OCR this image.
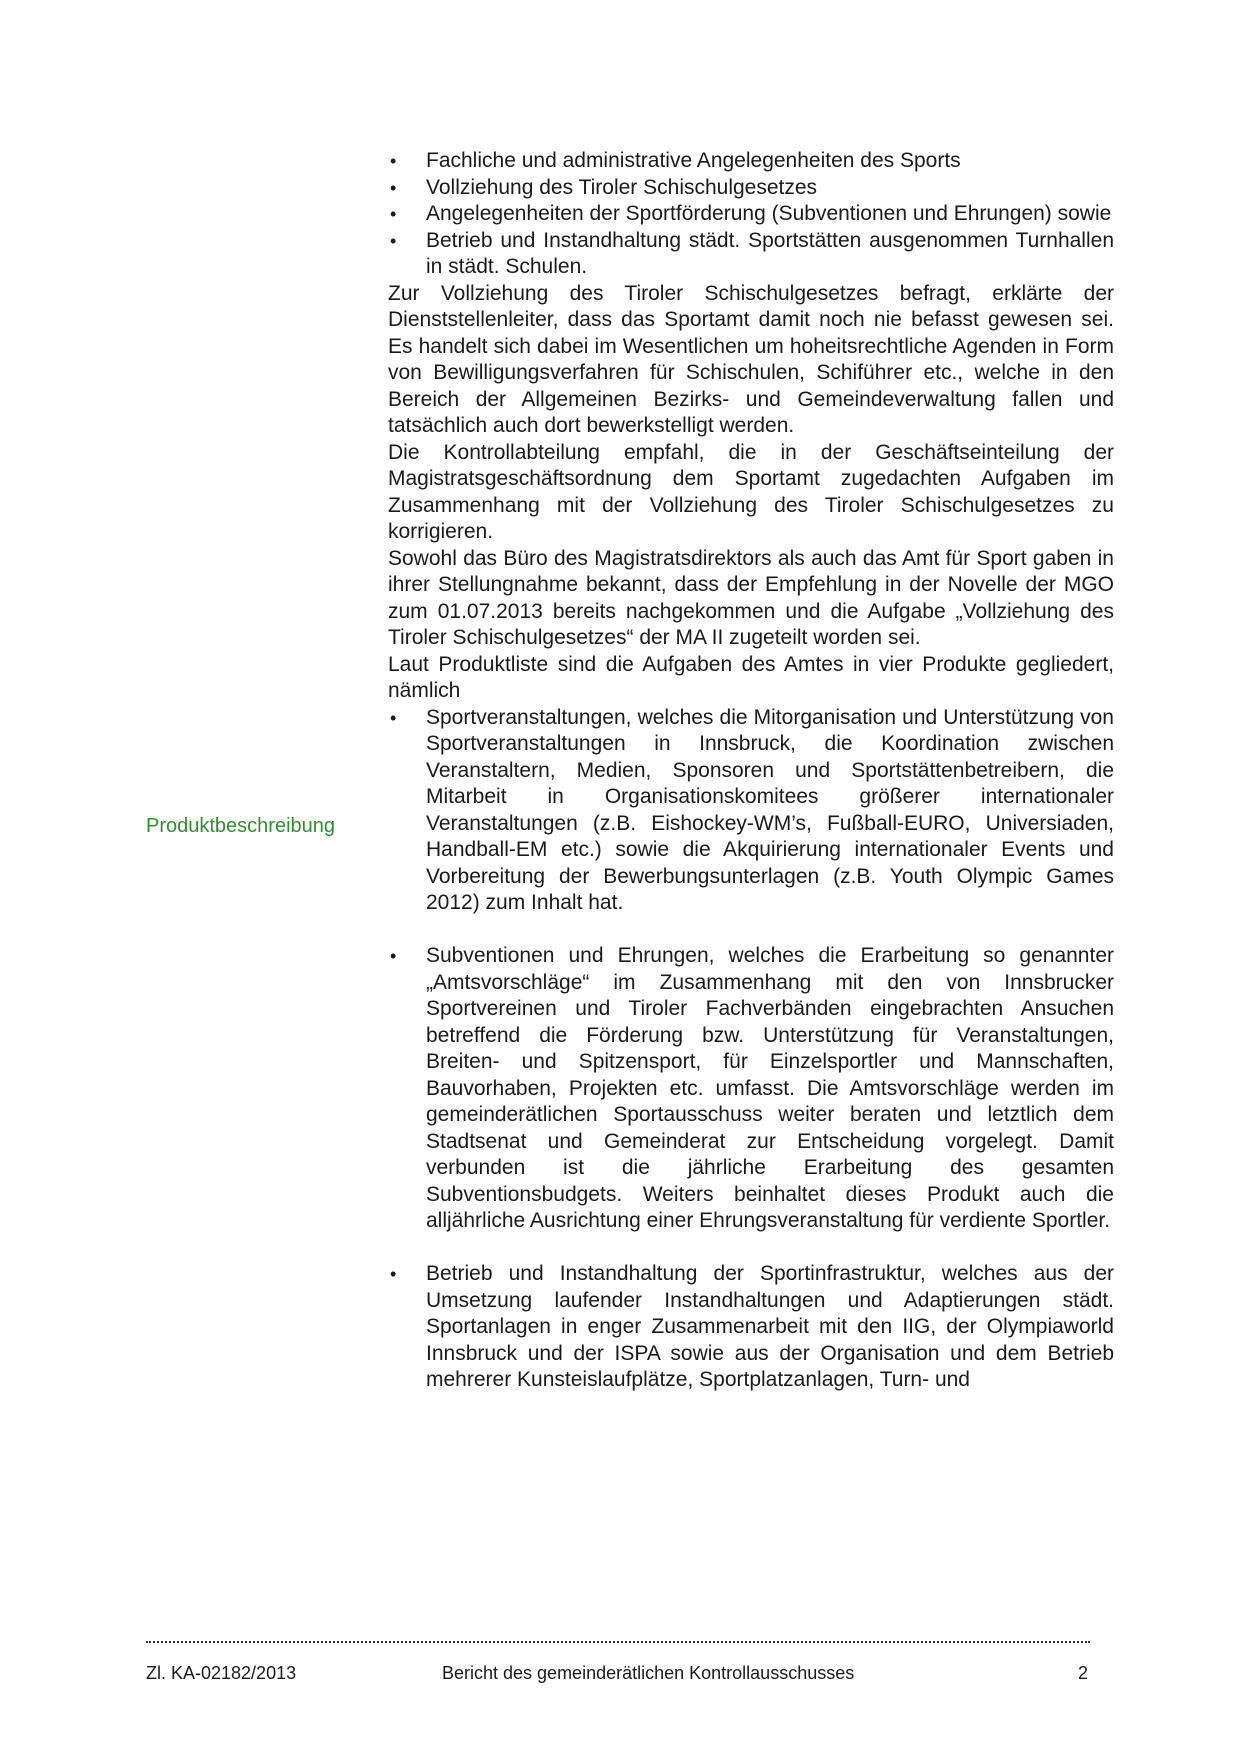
• Fachliche und administrative Angelegenheiten des Sports
• Vollziehung des Tiroler Schischulgesetzes
• Angelegenheiten der Sportförderung (Subventionen und Ehrungen) sowie
• Betrieb und Instandhaltung städt. Sportstätten ausgenommen Turnhallen in städt. Schulen.

Zur Vollziehung des Tiroler Schischulgesetzes befragt, erklärte der Dienststellenleiter, dass das Sportamt damit noch nie befasst gewesen sei. Es handelt sich dabei im Wesentlichen um hoheitsrechtliche Agenden in Form von Bewilligungsverfahren für Schischulen, Schiführer etc., welche in den Bereich der Allgemeinen Bezirks- und Gemeindeverwaltung fallen und tatsächlich auch dort bewerkstelligt werden.

Die Kontrollabteilung empfahl, die in der Geschäftseinteilung der Magistratsgeschäftsordnung dem Sportamt zugedachten Aufgaben im Zusammenhang mit der Vollziehung des Tiroler Schischulgesetzes zu korrigieren.

Sowohl das Büro des Magistratsdirektors als auch das Amt für Sport gaben in ihrer Stellungnahme bekannt, dass der Empfehlung in der Novelle der MGO zum 01.07.2013 bereits nachgekommen und die Aufgabe „Vollziehung des Tiroler Schischulgesetzes“ der MA II zugeteilt worden sei.

Laut Produktliste sind die Aufgaben des Amtes in vier Produkte gegliedert, nämlich

• Sportveranstaltungen, welches die Mitorganisation und Unterstützung von Sportveranstaltungen in Innsbruck, die Koordination zwischen Veranstaltern, Medien, Sponsoren und Sportstättenbetreibern, die Mitarbeit in Organisationskomitees größerer internationaler Veranstaltungen (z.B. Eishockey-WM’s, Fußball-EURO, Universiaden, Handball-EM etc.) sowie die Akquirierung internationaler Events und Vorbereitung der Bewerbungsunterlagen (z.B. Youth Olympic Games 2012) zum Inhalt hat.
• Subventionen und Ehrungen, welches die Erarbeitung so genannter „Amtsvorschläge“ im Zusammenhang mit den von Innsbrucker Sportvereinen und Tiroler Fachverbänden eingebrachten Ansuchen betreffend die Förderung bzw. Unterstützung für Veranstaltungen, Breiten- und Spitzensport, für Einzelsportler und Mannschaften, Bauvorhaben, Projekten etc. umfasst. Die Amtsvorschläge werden im gemeinderätlichen Sportausschuss weiter beraten und letztlich dem Stadtsenat und Gemeinderat zur Entscheidung vorgelegt. Damit verbunden ist die jährliche Erarbeitung des gesamten Subventionsbudgets. Weiters beinhaltet dieses Produkt auch die alljährliche Ausrichtung einer Ehrungsveranstaltung für verdiente Sportler.
• Betrieb und Instandhaltung der Sportinfrastruktur, welches aus der Umsetzung laufender Instandhaltungen und Adaptierungen städt. Sportanlagen in enger Zusammenarbeit mit den IIG, der Olympiaworld Innsbruck und der ISPA sowie aus der Organisation und dem Betrieb mehrerer Kunsteislaufplätze, Sportplatzanlagen, Turn- und
Produktbeschreibung
Zl. KA-02182/2013	Bericht des gemeinderätlichen Kontrollausschusses	2
